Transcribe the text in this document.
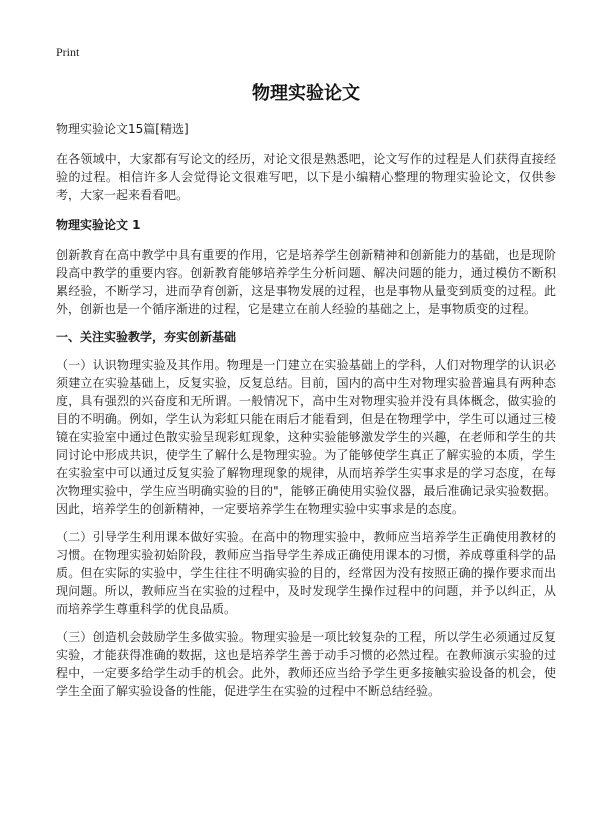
Print
物理实验论文
物理实验论文15篇[精选]

在各领域中，大家都有写论文的经历，对论文很是熟悉吧，论文写作的过程是人们获得直接经验的过程。相信许多人会觉得论文很难写吧，以下是小编精心整理的物理实验论文，仅供参考，大家一起来看看吧。

物理实验论文 1

创新教育在高中教学中具有重要的作用，它是培养学生创新精神和创新能力的基础，也是现阶段高中教学的重要内容。创新教育能够培养学生分析问题、解决问题的能力，通过模仿不断积累经验，不断学习，进而孕育创新，这是事物发展的过程，也是事物从量变到质变的过程。此外，创新也是一个循序渐进的过程，它是建立在前人经验的基础之上，是事物质变的过程。

一、关注实验教学，夯实创新基础

（一）认识物理实验及其作用。物理是一门建立在实验基础上的学科，人们对物理学的认识必须建立在实验基础上，反复实验，反复总结。目前，国内的高中生对物理实验普遍具有两种态度，具有强烈的兴奋度和无所谓。一般情况下，高中生对物理实验并没有具体概念，做实验的目的不明确。例如，学生认为彩虹只能在雨后才能看到，但是在物理学中，学生可以通过三棱镜在实验室中通过色散实验呈现彩虹现象，这种实验能够激发学生的兴趣，在老师和学生的共同讨论中形成共识，使学生了解什么是物理实验。为了能够使学生真正了解实验的本质，学生在实验室中可以通过反复实验了解物理现象的规律，从而培养学生实事求是的学习态度，在每次物理实验中，学生应当明确实验的目的"，能够正确使用实验仪器，最后准确记录实验数据。因此，培养学生的创新精神，一定要培养学生在物理实验中实事求是的态度。

（二）引导学生利用课本做好实验。在高中的物理实验中，教师应当培养学生正确使用教材的习惯。在物理实验初始阶段，教师应当指导学生养成正确使用课本的习惯，养成尊重科学的品质。但在实际的实验中，学生往往不明确实验的目的，经常因为没有按照正确的操作要求而出现问题。所以，教师应当在实验的过程中，及时发现学生操作过程中的问题，并予以纠正，从而培养学生尊重科学的优良品质。

（三）创造机会鼓励学生多做实验。物理实验是一项比较复杂的工程，所以学生必须通过反复实验，才能获得准确的数据，这也是培养学生善于动手习惯的必然过程。在教师演示实验的过程中，一定要多给学生动手的机会。此外，教师还应当给予学生更多接触实验设备的机会，使学生全面了解实验设备的性能，促进学生在实验的过程中不断总结经验。
